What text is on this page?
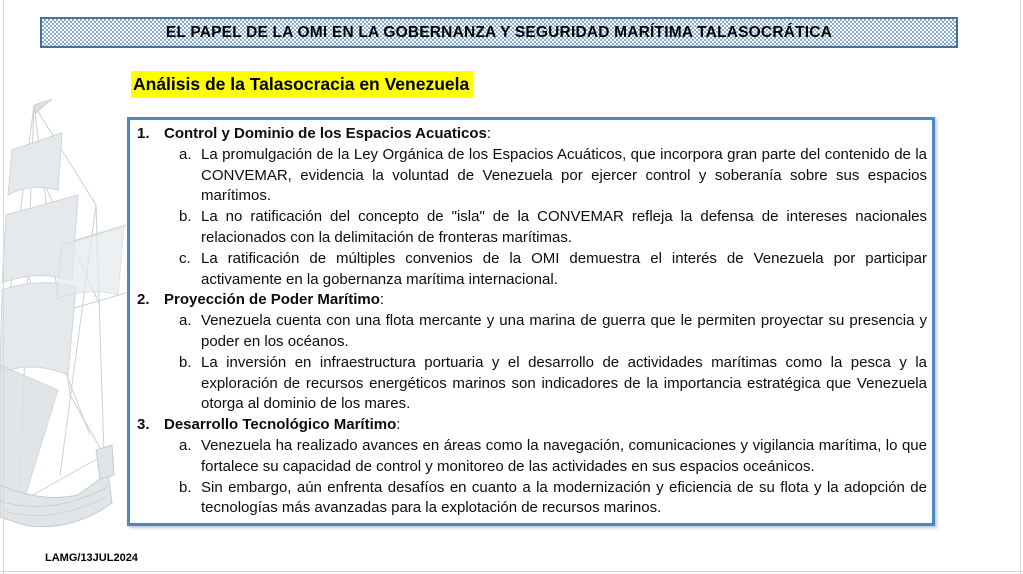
EL PAPEL DE LA OMI EN LA GOBERNANZA Y SEGURIDAD MARÍTIMA TALASOCRÁTICA
Análisis de la Talasocracia en Venezuela
1. Control y Dominio de los Espacios Acuaticos:
a. La promulgación de la Ley Orgánica de los Espacios Acuáticos, que incorpora gran parte del contenido de la CONVEMAR, evidencia la voluntad de Venezuela por ejercer control y soberanía sobre sus espacios marítimos.

b. La no ratificación del concepto de "isla" de la CONVEMAR refleja la defensa de intereses nacionales relacionados con la delimitación de fronteras marítimas.

c. La ratificación de múltiples convenios de la OMI demuestra el interés de Venezuela por participar activamente en la gobernanza marítima internacional.

2. Proyección de Poder Marítimo:
a. Venezuela cuenta con una flota mercante y una marina de guerra que le permiten proyectar su presencia y poder en los océanos.

b. La inversión en infraestructura portuaria y el desarrollo de actividades marítimas como la pesca y la exploración de recursos energéticos marinos son indicadores de la importancia estratégica que Venezuela otorga al dominio de los mares.

3. Desarrollo Tecnológico Marítimo:
a. Venezuela ha realizado avances en áreas como la navegación, comunicaciones y vigilancia marítima, lo que fortalece su capacidad de control y monitoreo de las actividades en sus espacios oceánicos.

b. Sin embargo, aún enfrenta desafíos en cuanto a la modernización y eficiencia de su flota y la adopción de tecnologías más avanzadas para la explotación de recursos marinos.

LAMG/13JUL2024
